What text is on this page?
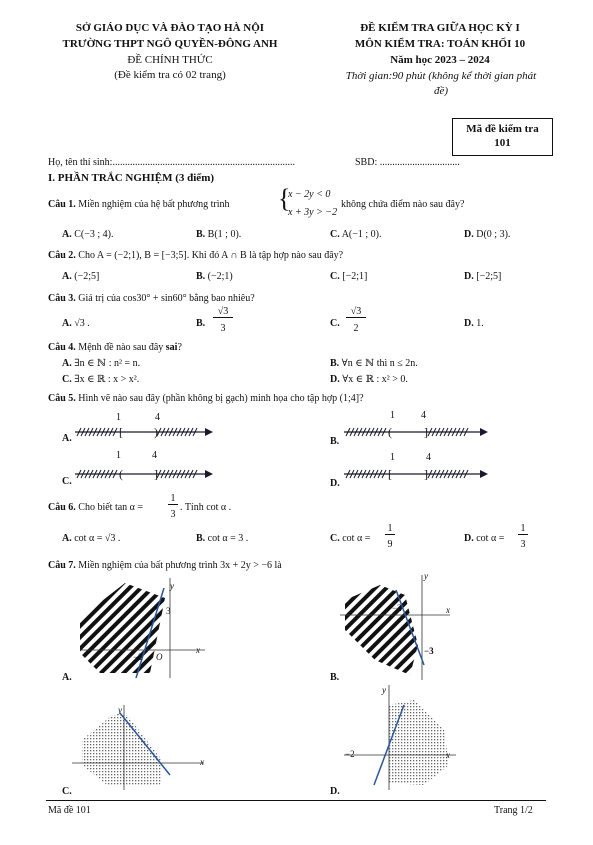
SỞ GIÁO DỤC VÀ ĐÀO TẠO HÀ NỘI
TRƯỜNG THPT NGÔ QUYỀN-ĐÔNG ANH
ĐỀ CHÍNH THỨC
(Đề kiểm tra có 02 trang)
ĐỀ KIỂM TRA GIỮA HỌC KỲ I
MÔN KIỂM TRA: TOÁN KHỐI 10
Năm học 2023 – 2024
Thời gian:90 phút (không kể thời gian phát
đề)
Mã đề kiểm tra
101
Họ, tên thí sinh:.........................................................................	SBD: ................................
I. PHẦN TRẮC NGHIỆM (3 điểm)
Câu 1. Miền nghiệm của hệ bất phương trình {
x − 2y < 0
x + 3y > −2
không chứa điểm nào sau đây?
A. C(−3 ; 4).	B. B(1 ; 0).	C. A(−1 ; 0).	D. D(0 ; 3).
Câu 2. Cho A = (−2;1), B = [−3;5]. Khi đó A ∩ B là tập hợp nào sau đây?
A. (−2;5]	B. (−2;1)	C. [−2;1]	D. [−2;5]
Câu 3. Giá trị của cos30° + sin60° bằng bao nhiêu?
A. √3 .	B.
√3
3	C.
√3
2	D. 1.
Câu 4. Mệnh đề nào sau đây sai?
A. ∃n ∈ ℕ : n² = n.	B. ∀n ∈ ℕ thì n ≤ 2n.
C. ∃x ∈ ℝ : x > x².	D. ∀x ∈ ℝ : x² > 0.
Câu 5. Hình vẽ nào sau đây (phần không bị gạch) minh họa cho tập hợp (1;4]?
1	4
A.	[	)
1	4
C.
(	]
1	4
B.
(	]
1	4
D.
[	]
Câu 6. Cho biết tan α =
1
3
. Tính cot α .
A. cot α = √3 .	B. cot α = 3 .	C. cot α =
1
9
D. cot α =
1
3
Câu 7. Miền nghiệm của bất phương trình 3x + 2y > −6 là
y
x
3
−2 O
A.
y
x
−2
−3
B.
y
x
C.
y
x
−2
D.
Mã đề 101	Trang 1/2
